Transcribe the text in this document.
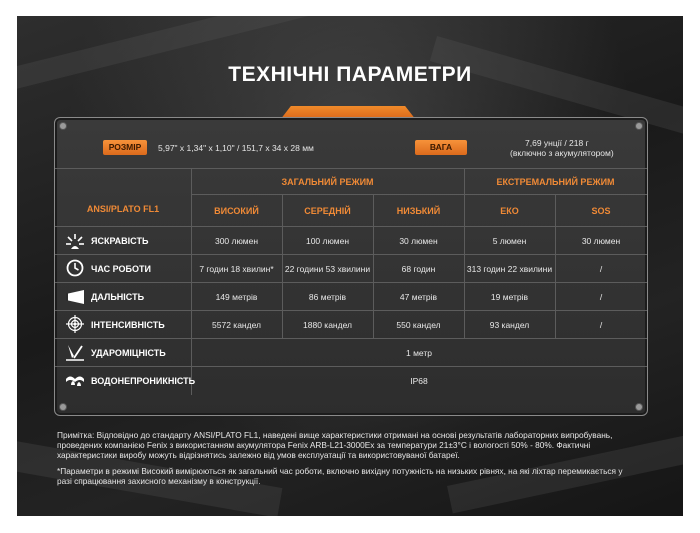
ТЕХНІЧНІ ПАРАМЕТРИ
РОЗМІР	5,97" х 1,34" х 1,10" / 151,7 х 34 х 28 мм	ВАГА	7,69 унції / 218 г
(включно з акумулятором)
ANSI/PLATO FL1
ЗАГАЛЬНИЙ РЕЖИМ	ЕКСТРЕМАЛЬНИЙ РЕЖИМ
ВИСОКИЙ	СЕРЕДНІЙ	НИЗЬКИЙ	ЕКО	SOS
ЯСКРАВІСТЬ	300 люмен	100 люмен	30 люмен	5 люмен	30 люмен
ЧАС РОБОТИ	7 годин 18 хвилин*	22 години 53 хвилини	68 годин	313 годин 22 хвилини	/
ДАЛЬНІСТЬ	149 метрів	86 метрів	47 метрів	19 метрів	/
ІНТЕНСИВНІСТЬ	5572 кандел	1880 кандел	550 кандел	93 кандел	/
УДАРОМІЦНІСТЬ	1 метр
ВОДОНЕПРОНИКНІСТЬ	IP68

Примітка: Відповідно до стандарту ANSI/PLATO FL1, наведені вище характеристики отримані на основі результатів лабораторних випробувань, проведених компанією Fenix з використанням акумулятора Fenix ARB-L21-3000Ex за температури 21±3°C і вологості 50% - 80%. Фактичні характеристики виробу можуть відрізнятись залежно від умов експлуатації та використовуваної батареї.

*Параметри в режимі Високий вимірюються як загальний час роботи, включно вихідну потужність на низьких рівнях, на які ліхтар перемикається у разі спрацювання захисного механізму в конструкції.
